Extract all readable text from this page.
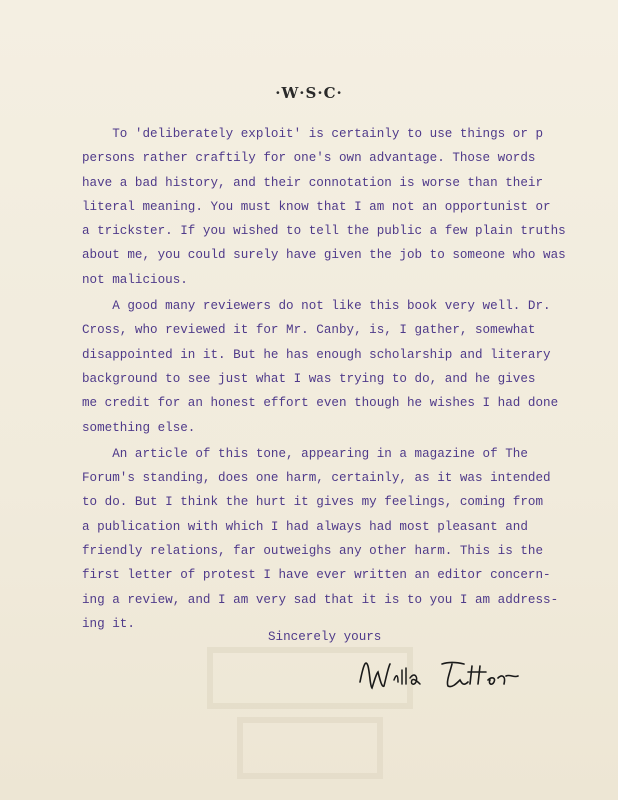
·W·S·C·
To 'deliberately exploit' is certainly to use things or p
persons rather craftily for one's own advantage. Those words
have a bad history, and their connotation is worse than their
literal meaning. You must know that I am not an opportunist or
a trickster. If you wished to tell the public a few plain truths
about me, you could surely have given the job to someone who was
not malicious.
A good many reviewers do not like this book very well. Dr.
Cross, who reviewed it for Mr. Canby, is, I gather, somewhat
disappointed in it. But he has enough scholarship and literary
background to see just what I was trying to do, and he gives
me credit for an honest effort even though he wishes I had done
something else.
An article of this tone, appearing in a magazine of The
Forum's standing, does one harm, certainly, as it was intended
to do. But I think the hurt it gives my feelings, coming from
a publication with which I had always had most pleasant and
friendly relations, far outweighs any other harm. This is the
first letter of protest I have ever written an editor concern-
ing a review, and I am very sad that it is to you I am address-
ing it.
Sincerely yours
